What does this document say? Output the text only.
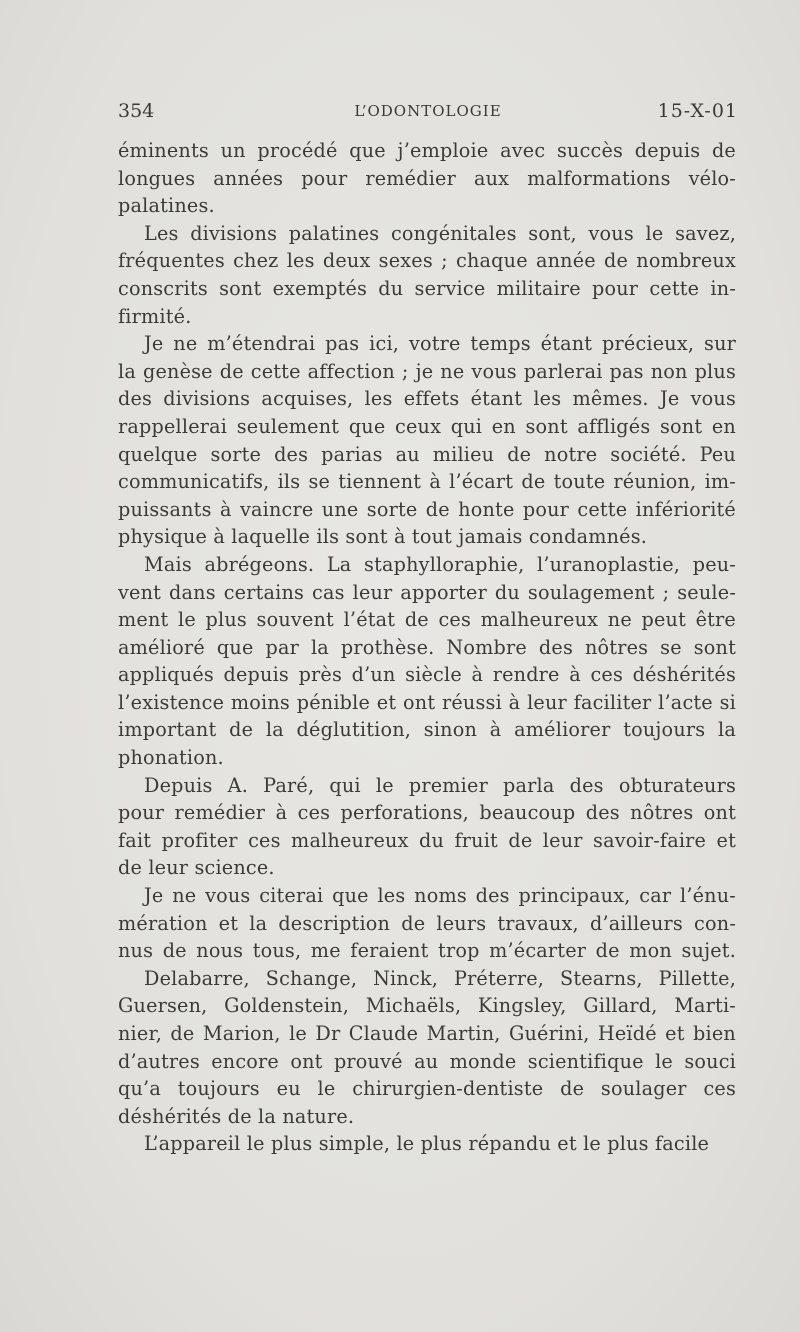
354	L’ODONTOLOGIE	15-X-01
éminents un procédé que j’emploie avec succès depuis de
longues années pour remédier aux malformations vélo-
palatines.
Les divisions palatines congénitales sont, vous le savez,
fréquentes chez les deux sexes ; chaque année de nombreux
conscrits sont exemptés du service militaire pour cette in-
firmité.
Je ne m’étendrai pas ici, votre temps étant précieux, sur
la genèse de cette affection ; je ne vous parlerai pas non plus
des divisions acquises, les effets étant les mêmes. Je vous
rappellerai seulement que ceux qui en sont affligés sont en
quelque sorte des parias au milieu de notre société. Peu
communicatifs, ils se tiennent à l’écart de toute réunion, im-
puissants à vaincre une sorte de honte pour cette infériorité
physique à laquelle ils sont à tout jamais condamnés.
Mais abrégeons. La staphylloraphie, l’uranoplastie, peu-
vent dans certains cas leur apporter du soulagement ; seule-
ment le plus souvent l’état de ces malheureux ne peut être
amélioré que par la prothèse. Nombre des nôtres se sont
appliqués depuis près d’un siècle à rendre à ces déshérités
l’existence moins pénible et ont réussi à leur faciliter l’acte si
important de la déglutition, sinon à améliorer toujours la
phonation.
Depuis A. Paré, qui le premier parla des obturateurs
pour remédier à ces perforations, beaucoup des nôtres ont
fait profiter ces malheureux du fruit de leur savoir-faire et
de leur science.
Je ne vous citerai que les noms des principaux, car l’énu-
mération et la description de leurs travaux, d’ailleurs con-
nus de nous tous, me feraient trop m’écarter de mon sujet.
Delabarre, Schange, Ninck, Préterre, Stearns, Pillette,
Guersen, Goldenstein, Michaëls, Kingsley, Gillard, Marti-
nier, de Marion, le Dr Claude Martin, Guérini, Heïdé et bien
d’autres encore ont prouvé au monde scientifique le souci
qu’a toujours eu le chirurgien-dentiste de soulager ces
déshérités de la nature.
L’appareil le plus simple, le plus répandu et le plus facile
